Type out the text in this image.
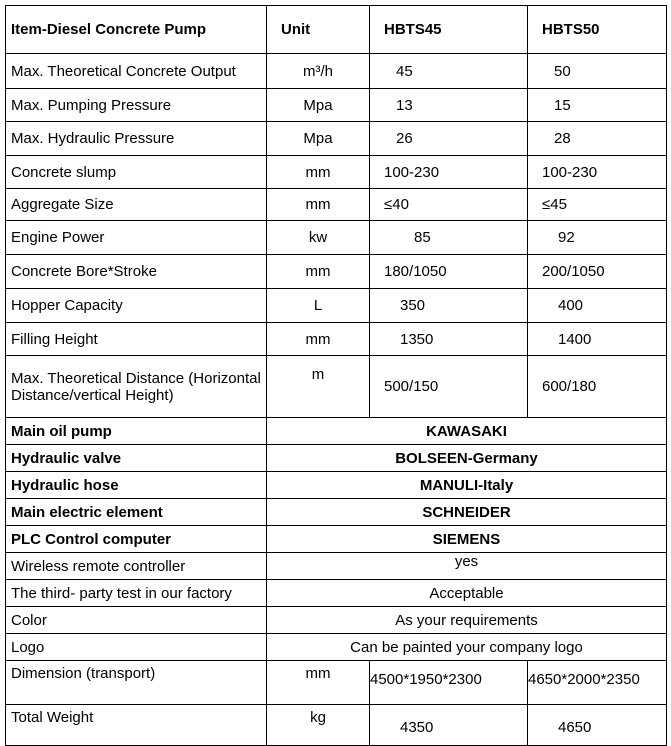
Item-Diesel Concrete Pump	Unit	HBTS45	HBTS50
Max. Theoretical Concrete Output	m³/h	45	50
Max. Pumping Pressure	Mpa	13	15
Max. Hydraulic Pressure	Mpa	26	28
Concrete slump	mm	100-230	100-230
Aggregate Size	mm	≤40	≤45
Engine Power	kw	85	92
Concrete Bore*Stroke	mm	180/1050	200/1050
Hopper Capacity	L	350	400
Filling Height	mm	1350	1400
Max. Theoretical Distance (Horizontal Distance/vertical Height)	m	500/150	600/180
Main oil pump	KAWASAKI		
Hydraulic valve	BOLSEEN-Germany		
Hydraulic hose	MANULI-Italy		
Main electric element	SCHNEIDER		
PLC Control computer	SIEMENS		
Wireless remote controller	yes		
The third- party test in our factory	Acceptable		
Color	As your requirements		
Logo	Can be painted your company logo		
Dimension (transport)	mm	4500*1950*2300	4650*2000*2350
Total Weight	kg	4350	4650
